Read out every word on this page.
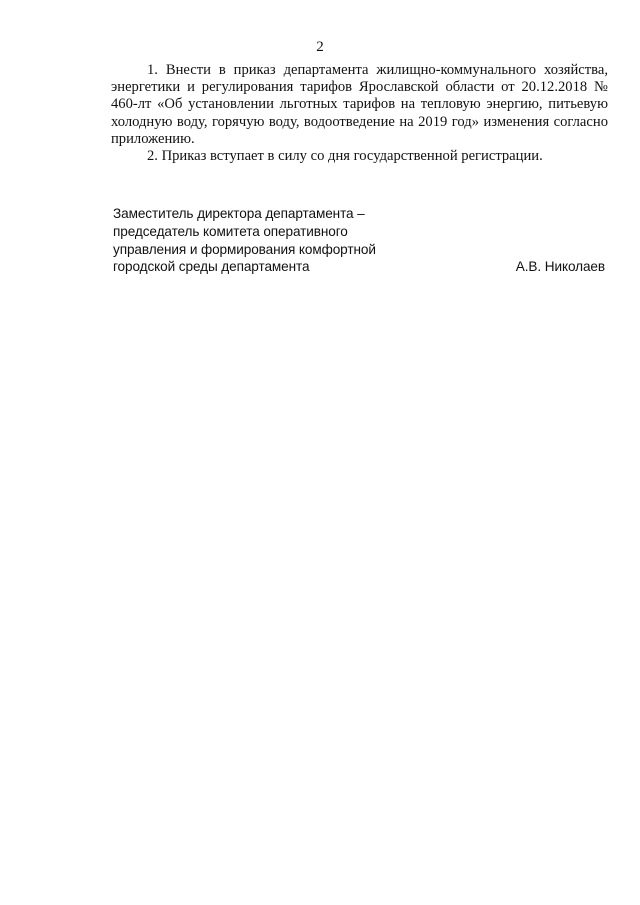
2

1. Внести в приказ департамента жилищно-коммунального хозяйства, энергетики и регулирования тарифов Ярославской области от 20.12.2018 № 460-лт «Об установлении льготных тарифов на тепловую энергию, питьевую холодную воду, горячую воду, водоотведение на 2019 год» изменения согласно приложению.

2. Приказ вступает в силу со дня государственной регистрации.

Заместитель директора департамента –
председатель комитета оперативного
управления и формирования комфортной
городской среды департамента	А.В. Николаев
